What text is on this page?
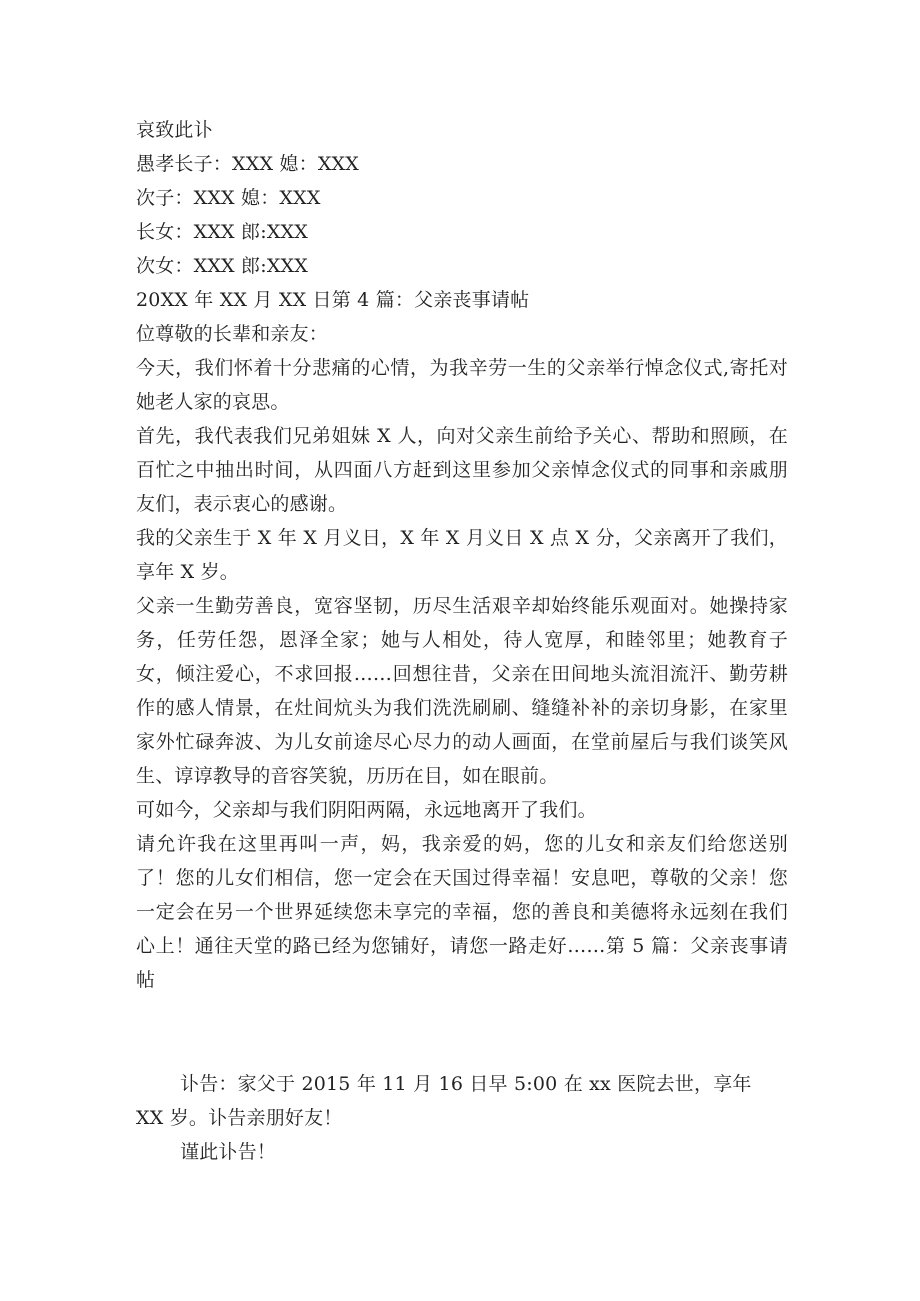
哀致此讣
愚孝长子：XXX 媳：XXX
次子：XXX 媳：XXX
长女：XXX 郎:XXX
次女：XXX 郎:XXX
20XX 年 XX 月 XX 日第 4 篇：父亲丧事请帖
位尊敬的长辈和亲友：
今天，我们怀着十分悲痛的心情，为我辛劳一生的父亲举行悼念仪式,寄托对她老人家的哀思。
首先，我代表我们兄弟姐妹 X 人，向对父亲生前给予关心、帮助和照顾，在百忙之中抽出时间，从四面八方赶到这里参加父亲悼念仪式的同事和亲戚朋友们，表示衷心的感谢。
我的父亲生于 X 年 X 月义日，X 年 X 月义日 X 点 X 分，父亲离开了我们，享年 X 岁。
父亲一生勤劳善良，宽容坚韧，历尽生活艰辛却始终能乐观面对。她操持家务，任劳任怨，恩泽全家；她与人相处，待人宽厚，和睦邻里；她教育子女，倾注爱心，不求回报……回想往昔，父亲在田间地头流泪流汗、勤劳耕作的感人情景，在灶间炕头为我们洗洗刷刷、缝缝补补的亲切身影，在家里家外忙碌奔波、为儿女前途尽心尽力的动人画面，在堂前屋后与我们谈笑风生、谆谆教导的音容笑貌，历历在目，如在眼前。
可如今，父亲却与我们阴阳两隔，永远地离开了我们。
请允许我在这里再叫一声，妈，我亲爱的妈，您的儿女和亲友们给您送别了！您的儿女们相信，您一定会在天国过得幸福！安息吧，尊敬的父亲！您一定会在另一个世界延续您未享完的幸福，您的善良和美德将永远刻在我们心上！通往天堂的路已经为您铺好，请您一路走好……第 5 篇：父亲丧事请帖
讣告：家父于 2015 年 11 月 16 日早 5:00 在 xx 医院去世，享年 XX 岁。讣告亲朋好友！
谨此讣告！
